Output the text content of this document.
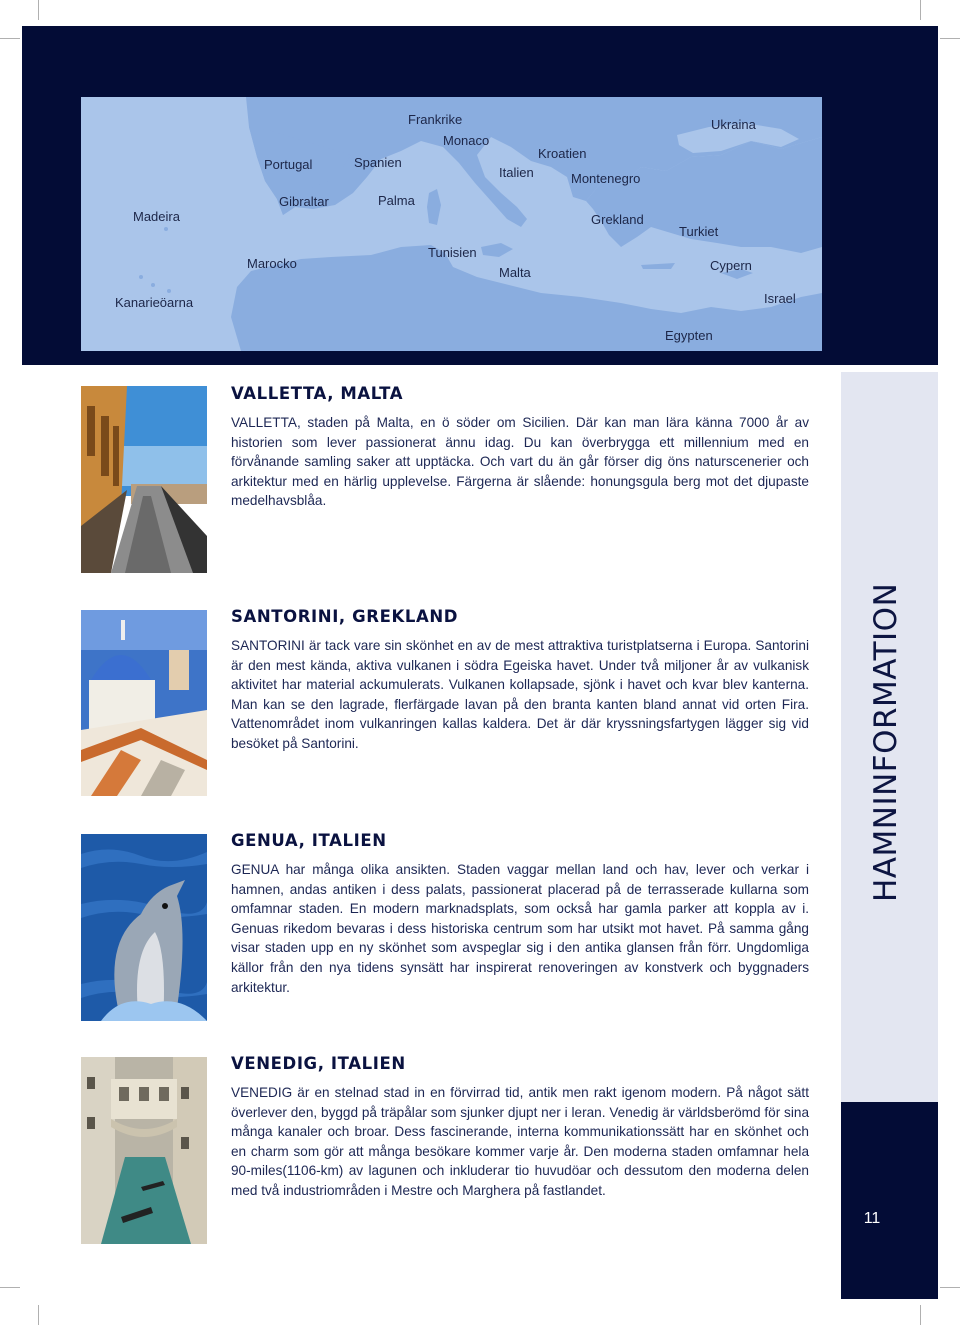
Frankrike
Monaco
Ukraina
Portugal	Spanien
Kroatien
Italien	Montenegro
Gibraltar	Palma
Madeira	Grekland
Turkiet
Tunisien
Marocko	Cypern
Malta
Kanarieöarna	Israel
Egypten
VALLETTA, MALTA

VALLETTA, staden på Malta, en ö söder om Sicilien. Där kan man lära känna 7000 år av historien som lever passionerat ännu idag. Du kan överbrygga ett millennium med en förvånande samling saker att upptäcka. Och vart du än går förser dig öns naturscenerier och arkitektur med en härlig upplevelse. Färgerna är slående: honungsgula berg mot det djupaste medelhavsblåa.

SANTORINI, GREKLAND

SANTORINI är tack vare sin skönhet en av de mest attraktiva turistplatserna i Europa. Santorini är den mest kända, aktiva vulkanen i södra Egeiska havet. Under två miljoner år av vulkanisk aktivitet har material ackumulerats. Vulkanen kollapsade, sjönk i havet och kvar blev kanterna. Man kan se den lagrade, flerfärgade lavan på den branta kanten bland annat vid orten Fira. Vattenområdet inom vulkanringen kallas kaldera. Det är där kryssningsfartygen lägger sig vid besöket på Santorini.

GENUA, ITALIEN

GENUA har många olika ansikten. Staden vaggar mellan land och hav, lever och verkar i hamnen, andas antiken i dess palats, passionerat placerad på de terrasserade kullarna som omfamnar staden. En modern marknadsplats, som också har gamla parker att koppla av i. Genuas rikedom bevaras i dess historiska centrum som har utsikt mot havet. På samma gång visar staden upp en ny skönhet som avspeglar sig i den antika glansen från förr. Ungdomliga källor från den nya tidens synsätt har inspirerat renoveringen av konstverk och byggnaders arkitektur.

VENEDIG, ITALIEN

VENEDIG är en stelnad stad in en förvirrad tid, antik men rakt igenom modern. På något sätt överlever den, byggd på träpålar som sjunker djupt ner i leran. Venedig är världsberömd för sina många kanaler och broar. Dess fascinerande, interna kommunikationssätt har en skönhet och en charm som gör att många besökare kommer varje år. Den moderna staden omfamnar hela 90-miles(1106-km) av lagunen och inkluderar tio huvudöar och dessutom den moderna delen med två industriområden i Mestre och Marghera på fastlandet.

HAMNINFORMATION
11
